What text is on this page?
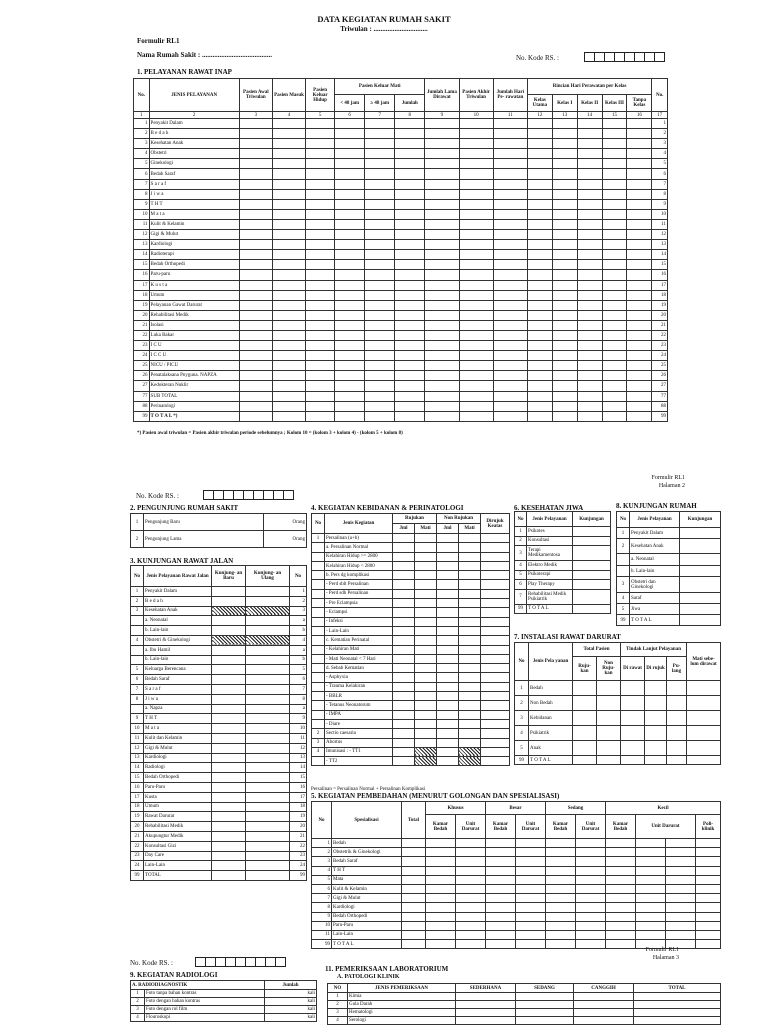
DATA KEGIATAN RUMAH SAKIT
Triwulan : ...............................
Formulir RL1
Nama Rumah Sakit : ........................................	No. Kode RS. :

1. PELAYANAN RAWAT INAP
No.	JENIS PELAYANAN	Pasien Awal Triwulan	Pasien Masuk	Pasien Keluar Hidup	Pasien Keluar Mati			Jumlah Lama Dirawat	Pasien Akhir Triwulan	Jumlah Hari Pe- rawatan	Rincian Hari Perawatan per Kelas					No.
					< 48 jam	≥ 48 jam	Jumlah				Kelas Utama	Kelas I	Kelas II	Kelas III	Tanpa Kelas	
1	2	3	4	5	6	7	8	9	10	11	12	13	14	15	16	17
1	Penyakit Dalam															1
2	B e d a h															2
3	Kesehatan Anak															3
4	Obstetri															4
5	Ginekologi															5
6	Bedah Saraf															6
7	S a r a f															7
8	J i w a															8
9	T H T															9
10	M a t a															10
11	Kulit & Kelamin															11
12	Gigi & Mulut															12
13	Kardiologi															13
14	Radioterapi															14
15	Bedah Orthopedi															15
16	Paru-paru															16
17	K u s t a															17
18	Umum															18
19	Pelayanan Gawat Darurat															19
20	Rehabilitasi Medik															20
21	Isolasi															21
22	Luka Bakar															22
23	I C U															23
24	I C C U															24
25	NICU / PICU															25
26	Penatalaksana Pnyguna. NAPZA															26
27	Kedokteran Nuklir															27
77	SUB TOTAL															77
88	Perinatologi															88
99	T O T A L *)															99
*) Pasien awal triwulan = Pasien akhir triwulan periode sebelumnya ; Kolom 10 = (kolom 3 + kolom 4) - (kolom 5 + kolom 8)
Formulir RL1
Halaman 2
No. Kode RS. :

2. PENGUNJUNG RUMAH SAKIT
1	Pengunjung Baru	Orang
2	Pengunjung Lama	Orang
3. KUNJUNGAN RAWAT JALAN
No	Jenis Pelayanan Rawat Jalan	Kunjung- an Baru	Kunjung- an Ulang	No
1	Penyakit Dalam			1
2	B e d a h			2
3	Kesehatan Anak			3
	a. Neonatal			a
	b. Lain-lain			b
4	Obstetri & Ginekologi			4
	a. Ibu Hamil			a
	b. Lain-lain			b
5	Keluarga Berencana			5
6	Bedah Saraf			6
7	S a r a f			7
8	J i w a			8
	a. Napza			a
9	T H T			9
10	M a t a			10
11	Kulit dan Kelamin			11
12	Gigi & Mulut			12
13	Kardiologi			13
14	Radiologi			14
15	Bedah Orthopedi			15
16	Paru-Paru			16
17	Kusta			17
18	Umum			18
19	Rawat Darurat			19
20	Rehabilitasi Medik			20
21	Akupungtur Medik			21
22	Konsultasi Gizi			22
23	Day Care			23
24	Lain-Lain			24
99	TOTAL			99
4. KEGIATAN KEBIDANAN & PERINATOLOGI
No	Jenis Kegiatan	Rujukan		Non Rujukan		Dirujuk Keatas
		Jml	Mati	Jml	Mati	
1	Persalinan (a+b)					
	a. Persalinan Normal					
	Kelahiran Hidup >= 2800					
	Kelahiran Hidup < 2800					
	b. Pers dg komplikasi					
	- Perd sblt Persalinan					
	- Perd sdh Persalinan					
	- Pre Eclampsia					
	- Eclampsi					
	- Infeksi					
	- Lain-Lain					
	c. Kematian Perinatal					
	- Kelahiran Mati					
	- Mati Neonatal < 7 Hari					
	d. Sebab Kematian					
	- Asphyxia					
	- Trauma Kelahiran					
	- BBLR					
	- Tetanus Neonatorum					
	- IMPA					
	- Diare					
2	Sectio caesaria					
3	Abortus					
4	Imunisasi : - TT1					
	- TT2					
Persalinan = Persalinan Normal + Persalinan Komplikasi
6. KESEHATAN JIWA
No	Jenis Pelayanan	Kunjungan
1	Psikotes	
2	Konsultasi	
3	Terapi Medikamentosa	
4	Elektro Medik	
5	Psikoterapi	
6	Play Therapy	
7	Rehabilitasi Medik Psikiatrik	
99	T O T A L	
8. KUNJUNGAN RUMAH
No	Jenis Pelayanan	Kunjungan
1	Penyakit Dalam	
2	Kesehatan Anak	
	a. Neonatal	
	b. Lain-lain	
3	Obstetri dan Ginekologi	
4	Saraf	
5	Jiwa	
99	T O T A L	
7. INSTALASI RAWAT DARURAT
No	Jenis Pela yanan	Total Pasien		Tindak Lanjut Pelayanan			Mati sebe- lum dirawat
		Ruju- kan	Non Ruju- kan	Di rawat	Di rujuk	Pu- lang	
1	Bedah						
2	Non Bedah						
3	Kebidanan						
4	Psikiatrik						
5	Anak						
99	T O T A L						
5. KEGIATAN PEMBEDAHAN (MENURUT GOLONGAN DAN SPESIALISASI)
No	Spesialisasi	Total	Khusus		Besar		Sedang		Kecil			
			Kamar Bedah	Unit Darurat	Kamar Bedah	Unit Darurat	Kamar Bedah	Unit Darurat	Kamar Bedah	Unit Darurat		Poli- klinik
1	Bedah											
2	Obstetrik & Ginekologi											
3	Bedah Saraf											
4	T H T											
5	Mata											
6	Kulit & Kelamin											
7	Gigi & Mulut											
8	Kardiologi											
9	Bedah Orthopedi											
10	Paru-Paru											
11	Lain-Lain											
99	T O T A L											
Formulir RL1
Halaman 3
No. Kode RS. :

9. KEGIATAN RADIOLOGI
A. RADIODIAGNOSTIK		Jumlah
1	Foto tanpa bahan kontras	kali
2	Foto dengan bahan kontras	kali
3	Foto dengan rol film	kali
4	Flouroskopi	kali
11. PEMERIKSAAN LABORATORIUM
A. PATOLOGI KLINIK
NO	JENIS PEMERIKSAAN	SEDERHANA	SEDANG	CANGGIH	TOTAL
1	Kimia				
2	Gula Darah				
3	Hematologi				
4	Serologi				
